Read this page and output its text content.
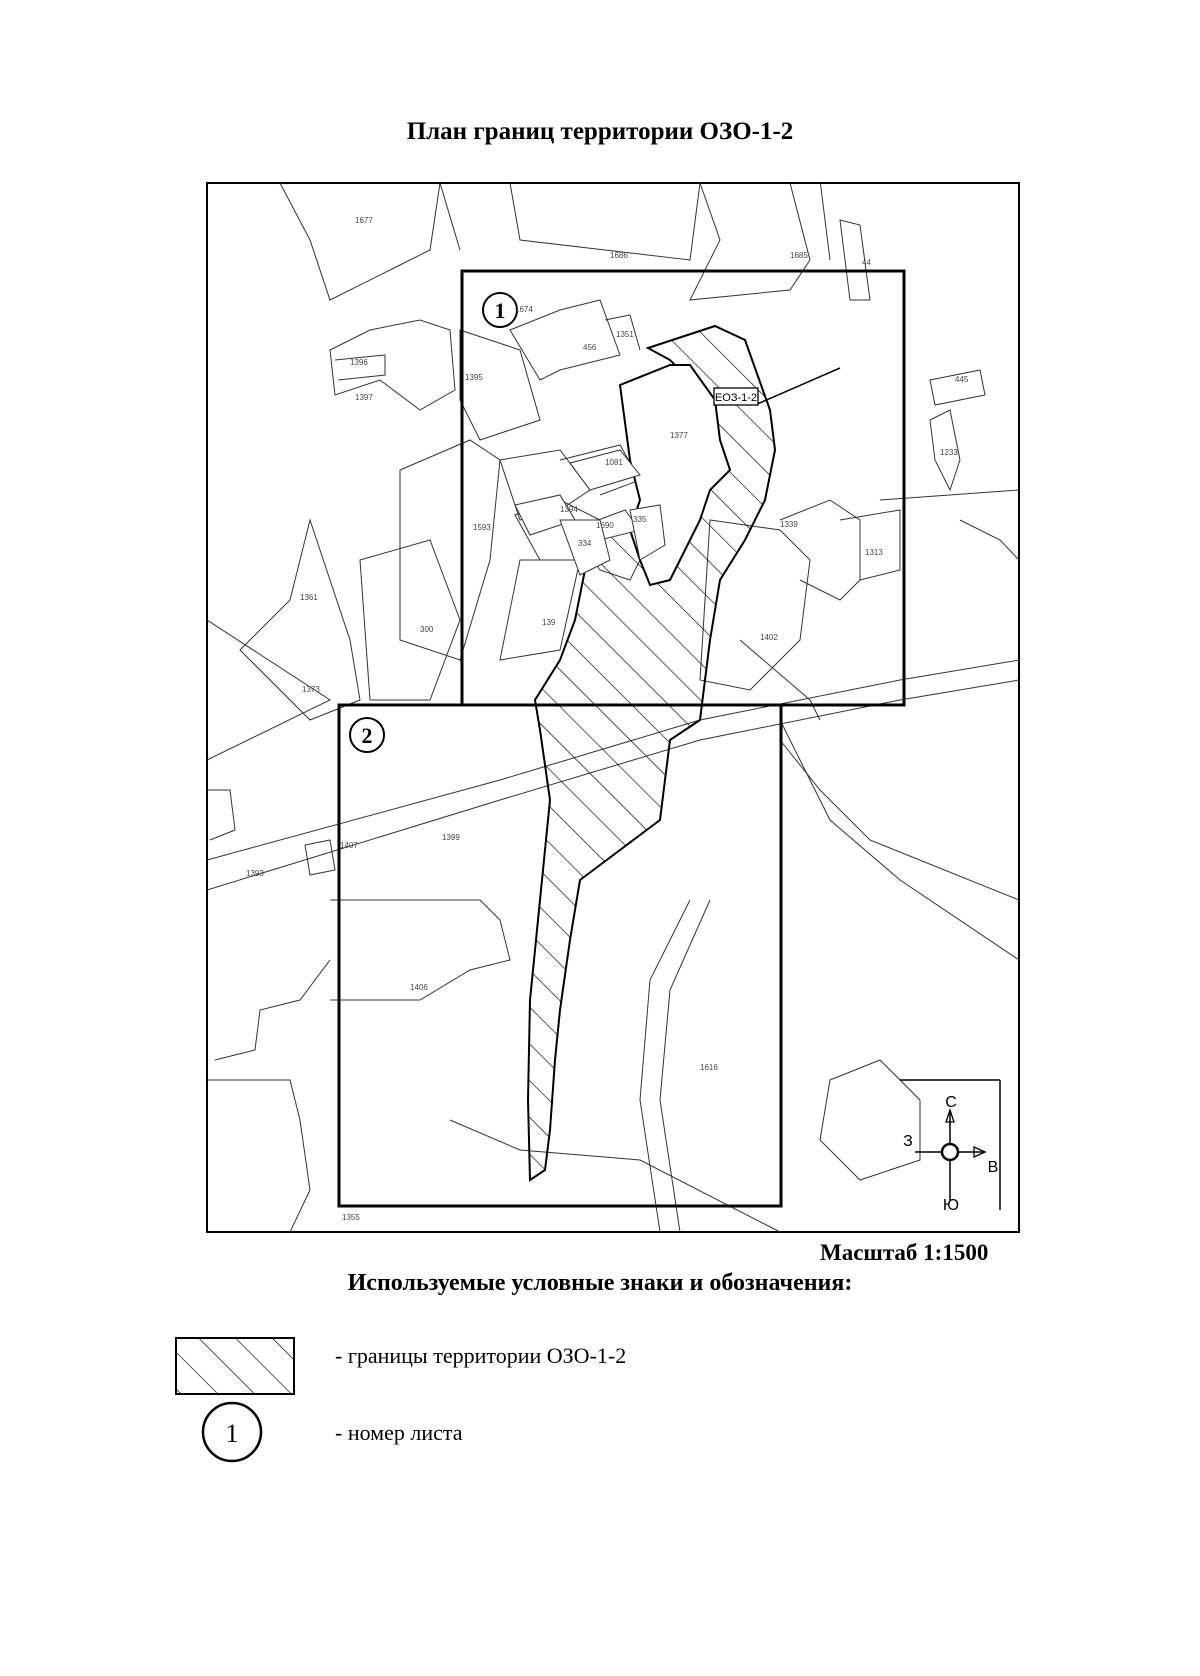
План границ территории ОЗО-1-2
ЕОЗ-1-2
1
2
1677
1686	1685
1674
456
1351
44
1396
1397
1395	445
1377
1233
1081
1593
1394
334
1690
335
1339
1313
139
1361
300
1373
1402
1399
1407
1393
1406
1616
1355
С
Ю
З
В
1
Масштаб 1:1500
Используемые условные знаки и обозначения:
- границы территории ОЗО-1-2
- номер листа
